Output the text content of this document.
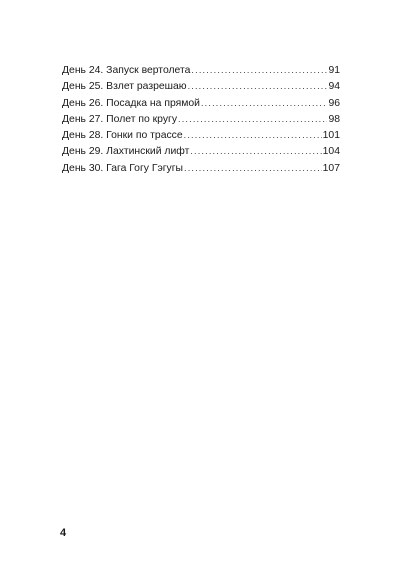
День 24. Запуск вертолета .....	91
День 25. Взлет разрешаю .....	94
День 26. Посадка на прямой .....	96
День 27. Полет по кругу .....	98
День 28. Гонки по трассе .....	101
День 29. Лахтинский лифт .....	104
День 30. Гага Гогу Гэгугы .....	107
4
